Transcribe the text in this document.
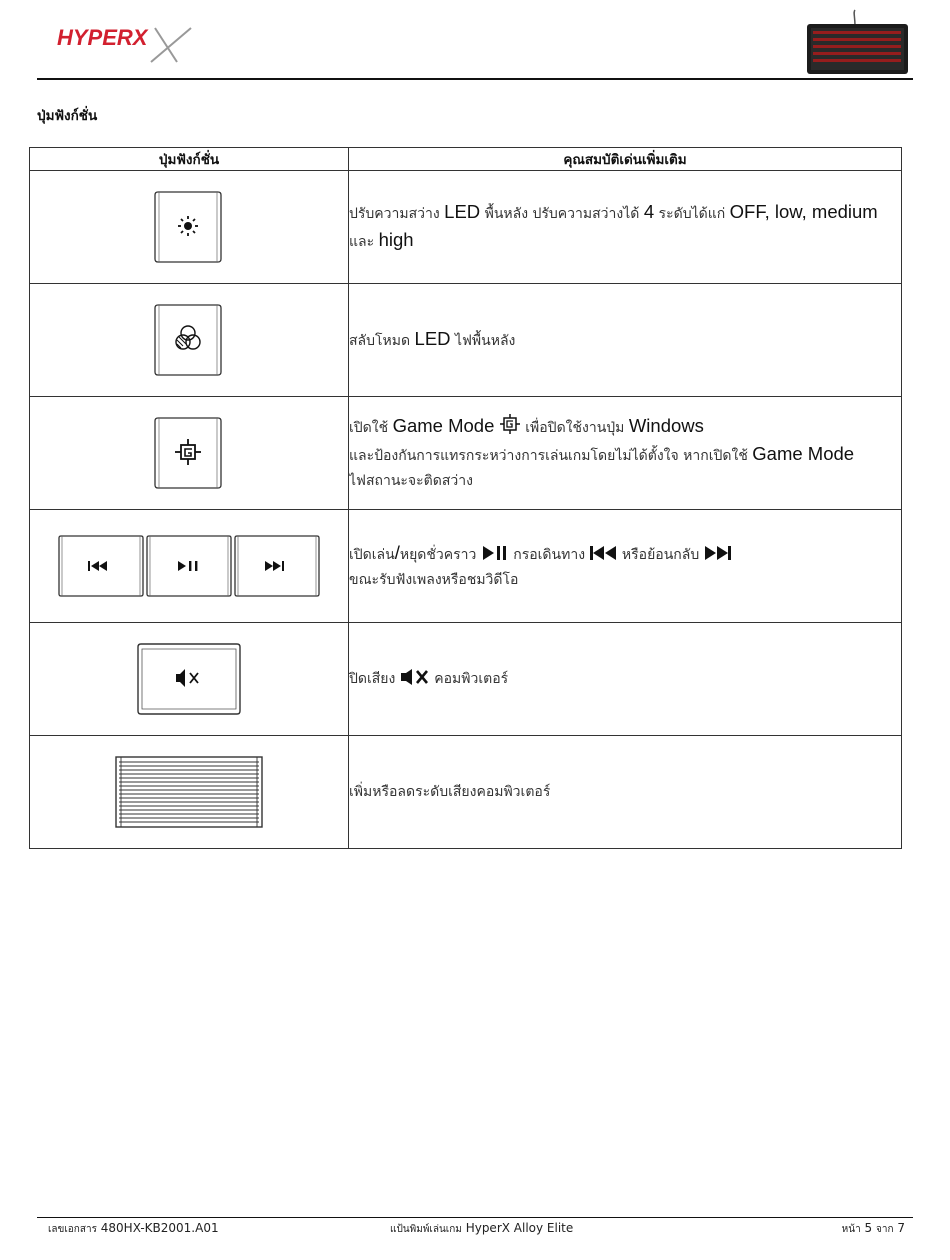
HYPERX
ปุ่มฟังก์ชั่น
ปุ่มฟังก์ชั่น	คุณสมบัติเด่นเพิ่มเติม

ปรับความสว่าง LED พื้นหลัง ปรับความสว่างได้ 4 ระดับได้แก่ OFF, low, medium
และ high

สลับโหมด LED ไฟพื้นหลัง

เปิดใช้ Game Mode  เพื่อปิดใช้งานปุ่ม Windows
และป้องกันการแทรกระหว่างการเล่นเกมโดยไม่ได้ตั้งใจ หากเปิดใช้ Game Mode
ไฟสถานะจะติดสว่าง

เปิดเล่น/หยุดชั่วคราว  กรอเดินทาง  หรือย้อนกลับ
ขณะรับฟังเพลงหรือชมวิดีโอ

ปิดเสียง  คอมพิวเตอร์

เพิ่มหรือลดระดับเสียงคอมพิวเตอร์
เลขเอกสาร 480HX-KB2001.A01	แป้นพิมพ์เล่นเกม HyperX Alloy Elite	หน้า 5 จาก 7
